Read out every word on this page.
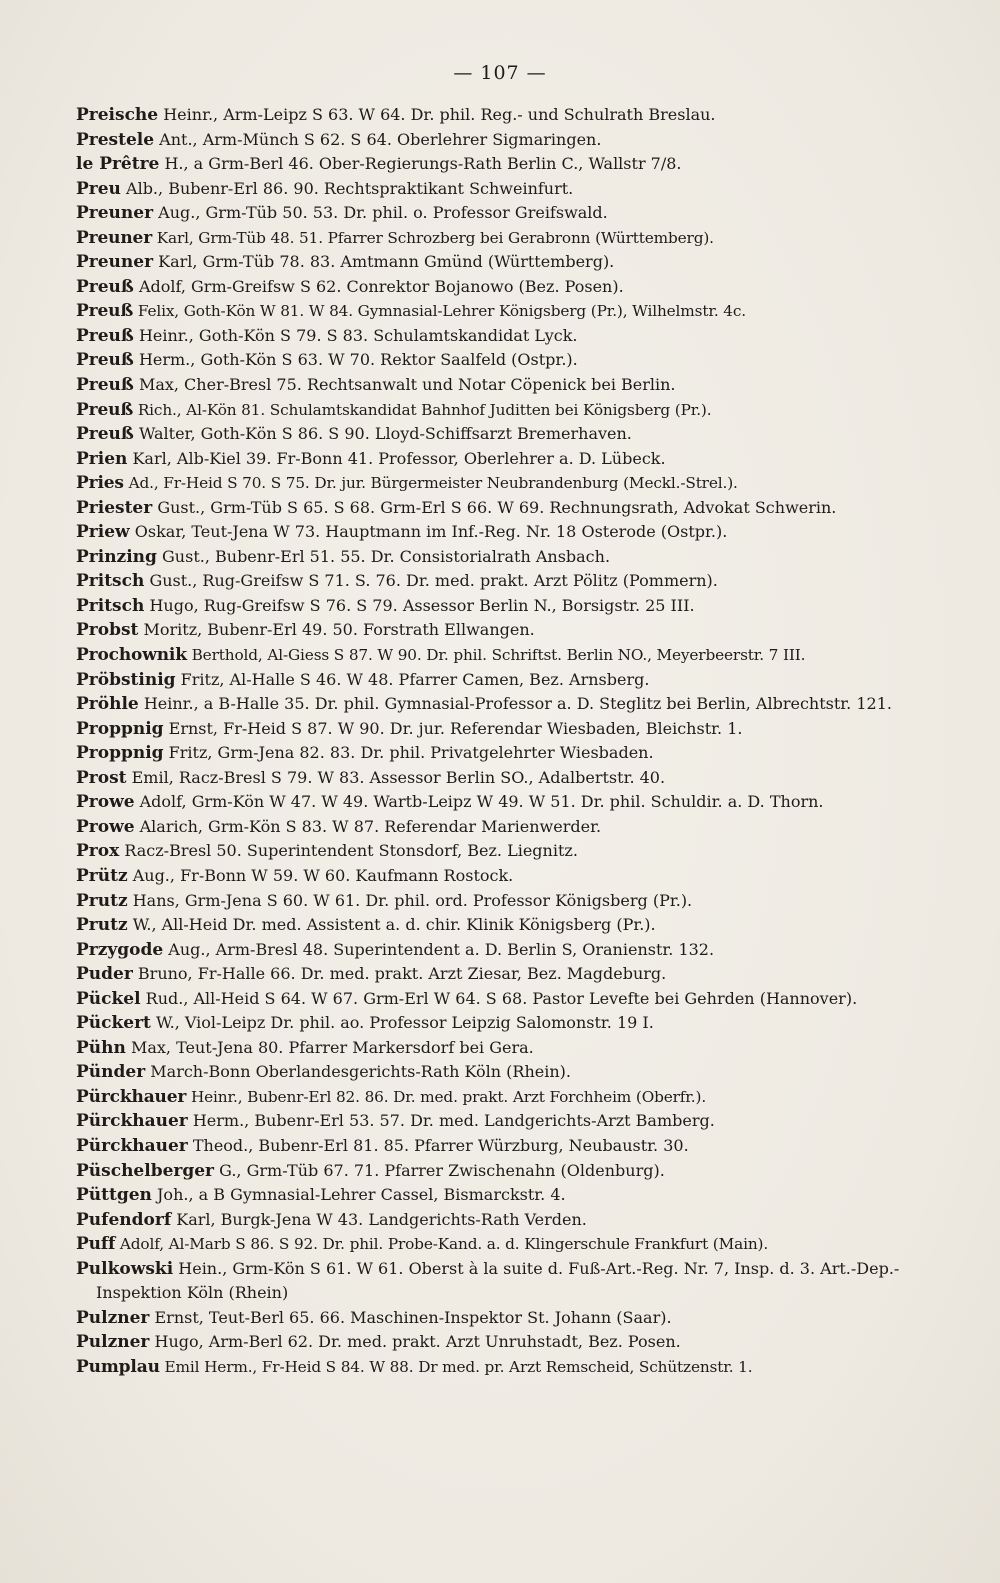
— 107 —
Preische Heinr., Arm-Leipz S 63. W 64. Dr. phil. Reg.- und Schulrath Breslau.
Prestele Ant., Arm-Münch S 62. S 64. Oberlehrer Sigmaringen.
le Prêtre H., a Grm-Berl 46. Ober-Regierungs-Rath Berlin C., Wallstr 7/8.
Preu Alb., Bubenr-Erl 86. 90. Rechtspraktikant Schweinfurt.
Preuner Aug., Grm-Tüb 50. 53. Dr. phil. o. Professor Greifswald.
Preuner Karl, Grm-Tüb 48. 51. Pfarrer Schrozberg bei Gerabronn (Württemberg).
Preuner Karl, Grm-Tüb 78. 83. Amtmann Gmünd (Württemberg).
Preuß Adolf, Grm-Greifsw S 62. Conrektor Bojanowo (Bez. Posen).
Preuß Felix, Goth-Kön W 81. W 84. Gymnasial-Lehrer Königsberg (Pr.), Wilhelmstr. 4c.
Preuß Heinr., Goth-Kön S 79. S 83. Schulamtskandidat Lyck.
Preuß Herm., Goth-Kön S 63. W 70. Rektor Saalfeld (Ostpr.).
Preuß Max, Cher-Bresl 75. Rechtsanwalt und Notar Cöpenick bei Berlin.
Preuß Rich., Al-Kön 81. Schulamtskandidat Bahnhof Juditten bei Königsberg (Pr.).
Preuß Walter, Goth-Kön S 86. S 90. Lloyd-Schiffsarzt Bremerhaven.
Prien Karl, Alb-Kiel 39. Fr-Bonn 41. Professor, Oberlehrer a. D. Lübeck.
Pries Ad., Fr-Heid S 70. S 75. Dr. jur. Bürgermeister Neubrandenburg (Meckl.-Strel.).
Priester Gust., Grm-Tüb S 65. S 68. Grm-Erl S 66. W 69. Rechnungsrath, Advokat Schwerin.
Priew Oskar, Teut-Jena W 73. Hauptmann im Inf.-Reg. Nr. 18 Osterode (Ostpr.).
Prinzing Gust., Bubenr-Erl 51. 55. Dr. Consistorialrath Ansbach.
Pritsch Gust., Rug-Greifsw S 71. S. 76. Dr. med. prakt. Arzt Pölitz (Pommern).
Pritsch Hugo, Rug-Greifsw S 76. S 79. Assessor Berlin N., Borsigstr. 25 III.
Probst Moritz, Bubenr-Erl 49. 50. Forstrath Ellwangen.
Prochownik Berthold, Al-Giess S 87. W 90. Dr. phil. Schriftst. Berlin NO., Meyerbeerstr. 7 III.
Pröbstinig Fritz, Al-Halle S 46. W 48. Pfarrer Camen, Bez. Arnsberg.
Pröhle Heinr., a B-Halle 35. Dr. phil. Gymnasial-Professor a. D. Steglitz bei Berlin, Albrechtstr. 121.
Proppnig Ernst, Fr-Heid S 87. W 90. Dr. jur. Referendar Wiesbaden, Bleichstr. 1.
Proppnig Fritz, Grm-Jena 82. 83. Dr. phil. Privatgelehrter Wiesbaden.
Prost Emil, Racz-Bresl S 79. W 83. Assessor Berlin SO., Adalbertstr. 40.
Prowe Adolf, Grm-Kön W 47. W 49. Wartb-Leipz W 49. W 51. Dr. phil. Schuldir. a. D. Thorn.
Prowe Alarich, Grm-Kön S 83. W 87. Referendar Marienwerder.
Prox Racz-Bresl 50. Superintendent Stonsdorf, Bez. Liegnitz.
Prütz Aug., Fr-Bonn W 59. W 60. Kaufmann Rostock.
Prutz Hans, Grm-Jena S 60. W 61. Dr. phil. ord. Professor Königsberg (Pr.).
Prutz W., All-Heid Dr. med. Assistent a. d. chir. Klinik Königsberg (Pr.).
Przygode Aug., Arm-Bresl 48. Superintendent a. D. Berlin S, Oranienstr. 132.
Puder Bruno, Fr-Halle 66. Dr. med. prakt. Arzt Ziesar, Bez. Magdeburg.
Pückel Rud., All-Heid S 64. W 67. Grm-Erl W 64. S 68. Pastor Levefte bei Gehrden (Hannover).
Pückert W., Viol-Leipz Dr. phil. ao. Professor Leipzig Salomonstr. 19 I.
Pühn Max, Teut-Jena 80. Pfarrer Markersdorf bei Gera.
Pünder March-Bonn Oberlandesgerichts-Rath Köln (Rhein).
Pürckhauer Heinr., Bubenr-Erl 82. 86. Dr. med. prakt. Arzt Forchheim (Oberfr.).
Pürckhauer Herm., Bubenr-Erl 53. 57. Dr. med. Landgerichts-Arzt Bamberg.
Pürckhauer Theod., Bubenr-Erl 81. 85. Pfarrer Würzburg, Neubaustr. 30.
Püschelberger G., Grm-Tüb 67. 71. Pfarrer Zwischenahn (Oldenburg).
Püttgen Joh., a B Gymnasial-Lehrer Cassel, Bismarckstr. 4.
Pufendorf Karl, Burgk-Jena W 43. Landgerichts-Rath Verden.
Puff Adolf, Al-Marb S 86. S 92. Dr. phil. Probe-Kand. a. d. Klingerschule Frankfurt (Main).
Pulkowski Hein., Grm-Kön S 61. W 61. Oberst à la suite d. Fuß-Art.-Reg. Nr. 7, Insp. d. 3. Art.-Dep.-Inspektion Köln (Rhein)
Pulzner Ernst, Teut-Berl 65. 66. Maschinen-Inspektor St. Johann (Saar).
Pulzner Hugo, Arm-Berl 62. Dr. med. prakt. Arzt Unruhstadt, Bez. Posen.
Pumplau Emil Herm., Fr-Heid S 84. W 88. Dr med. pr. Arzt Remscheid, Schützenstr. 1.
